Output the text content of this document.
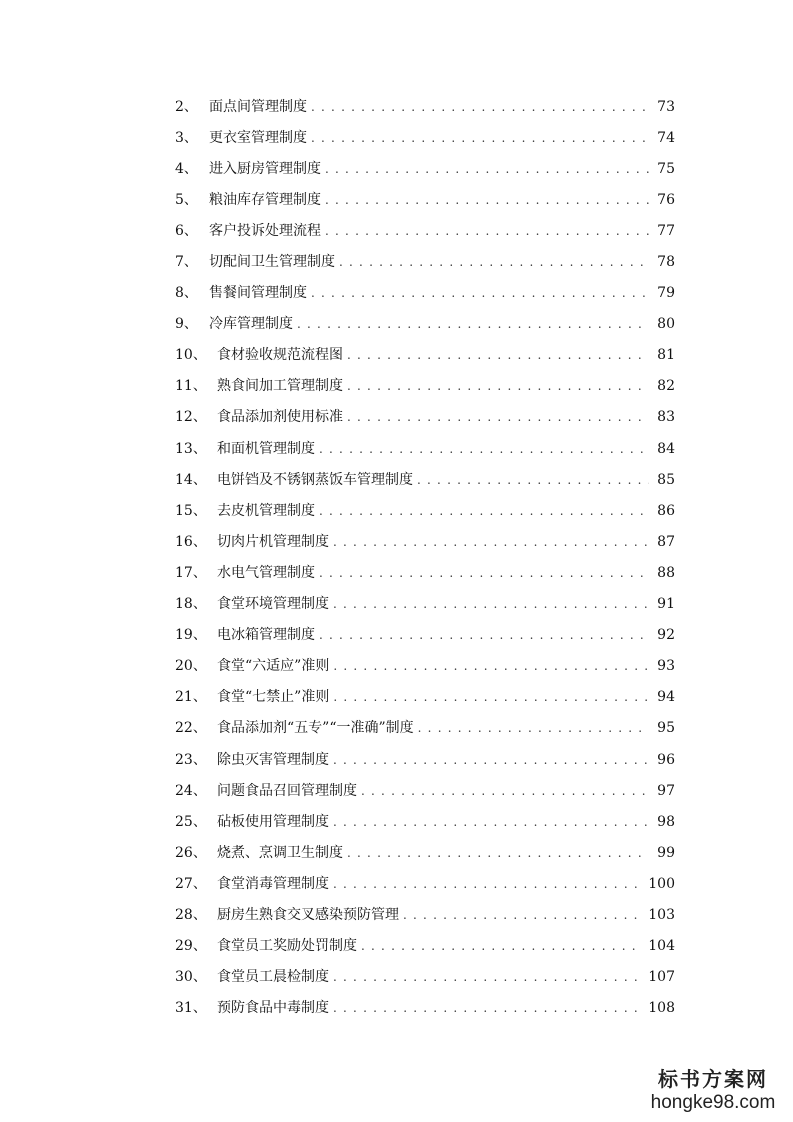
2、 面点间管理制度 . . .	73
3、 更衣室管理制度 . . .	74
4、 进入厨房管理制度 . . .	75
5、 粮油库存管理制度 . . .	76
6、 客户投诉处理流程 . . .	77
7、 切配间卫生管理制度 . . .	78
8、 售餐间管理制度 . . .	79
9、 冷库管理制度 . . .	80
10、 食材验收规范流程图 . . .	81
11、 熟食间加工管理制度 . . .	82
12、 食品添加剂使用标准 . . .	83
13、 和面机管理制度 . . .	84
14、 电饼铛及不锈钢蒸饭车管理制度 . . .	85
15、 去皮机管理制度 . . .	86
16、 切肉片机管理制度 . . .	87
17、 水电气管理制度 . . .	88
18、 食堂环境管理制度 . . .	91
19、 电冰箱管理制度 . . .	92
20、 食堂“六适应”准则 . . .	93
21、 食堂“七禁止”准则 . . .	94
22、 食品添加剂“五专”“一准确”制度 . . .	95
23、 除虫灭害管理制度 . . .	96
24、 问题食品召回管理制度 . . .	97
25、 砧板使用管理制度 . . .	98
26、 烧煮、烹调卫生制度 . . .	99
27、 食堂消毒管理制度 . . .	100
28、 厨房生熟食交叉感染预防管理 . . .	103
29、 食堂员工奖励处罚制度 . . .	104
30、 食堂员工晨检制度 . . .	107
31、 预防食品中毒制度 . . .	108
标书方案网
hongke98.com
